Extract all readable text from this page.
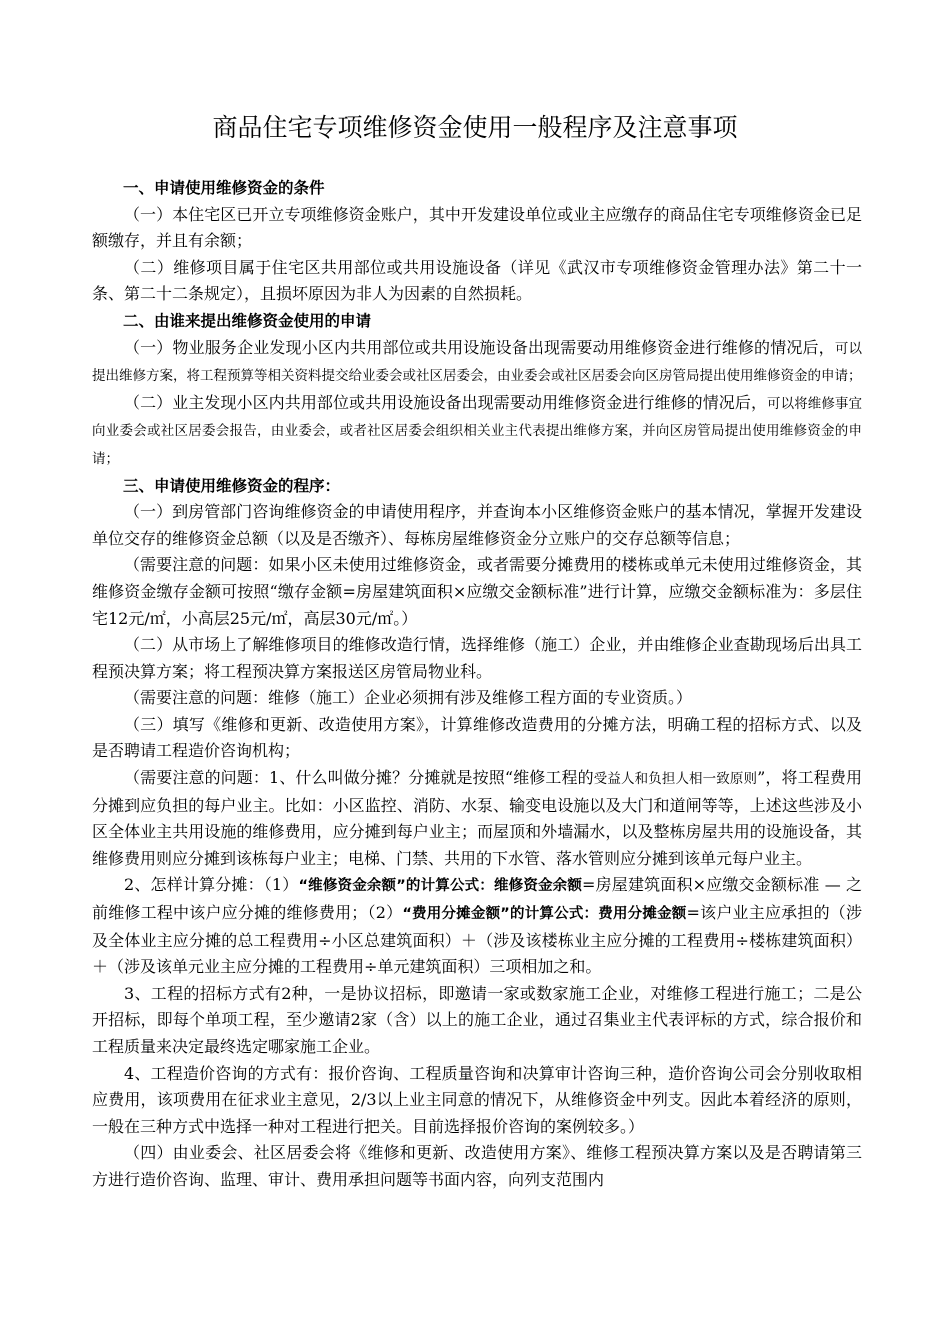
商品住宅专项维修资金使用一般程序及注意事项

一、申请使用维修资金的条件

（一）本住宅区已开立专项维修资金账户，其中开发建设单位或业主应缴存的商品住宅专项维修资金已足额缴存，并且有余额；

（二）维修项目属于住宅区共用部位或共用设施设备（详见《武汉市专项维修资金管理办法》第二十一条、第二十二条规定），且损坏原因为非人为因素的自然损耗。

二、由谁来提出维修资金使用的申请

（一）物业服务企业发现小区内共用部位或共用设施设备出现需要动用维修资金进行维修的情况后，可以提出维修方案，将工程预算等相关资料提交给业委会或社区居委会，由业委会或社区居委会向区房管局提出使用维修资金的申请；

（二）业主发现小区内共用部位或共用设施设备出现需要动用维修资金进行维修的情况后，可以将维修事宜向业委会或社区居委会报告，由业委会，或者社区居委会组织相关业主代表提出维修方案，并向区房管局提出使用维修资金的申请；

三、申请使用维修资金的程序：

（一）到房管部门咨询维修资金的申请使用程序，并查询本小区维修资金账户的基本情况，掌握开发建设单位交存的维修资金总额（以及是否缴齐）、每栋房屋维修资金分立账户的交存总额等信息；

（需要注意的问题：如果小区未使用过维修资金，或者需要分摊费用的楼栋或单元未使用过维修资金，其维修资金缴存金额可按照“缴存金额=房屋建筑面积×应缴交金额标准”进行计算，应缴交金额标准为：多层住宅12元/㎡，小高层25元/㎡，高层30元/㎡。）

（二）从市场上了解维修项目的维修改造行情，选择维修（施工）企业，并由维修企业查勘现场后出具工程预决算方案；将工程预决算方案报送区房管局物业科。

（需要注意的问题：维修（施工）企业必须拥有涉及维修工程方面的专业资质。）

（三）填写《维修和更新、改造使用方案》，计算维修改造费用的分摊方法，明确工程的招标方式、以及是否聘请工程造价咨询机构；

（需要注意的问题：1、什么叫做分摊？分摊就是按照“维修工程的受益人和负担人相一致原则”，将工程费用分摊到应负担的每户业主。比如：小区监控、消防、水泵、输变电设施以及大门和道闸等等，上述这些涉及小区全体业主共用设施的维修费用，应分摊到每户业主；而屋顶和外墙漏水，以及整栋房屋共用的设施设备，其维修费用则应分摊到该栋每户业主；电梯、门禁、共用的下水管、落水管则应分摊到该单元每户业主。

2、怎样计算分摊：（1）“维修资金余额”的计算公式：维修资金余额=房屋建筑面积×应缴交金额标准 — 之前维修工程中该户应分摊的维修费用；（2）“费用分摊金额”的计算公式：费用分摊金额=该户业主应承担的（涉及全体业主应分摊的总工程费用÷小区总建筑面积）＋（涉及该楼栋业主应分摊的工程费用÷楼栋建筑面积）＋（涉及该单元业主应分摊的工程费用÷单元建筑面积）三项相加之和。

3、工程的招标方式有2种，一是协议招标，即邀请一家或数家施工企业，对维修工程进行施工；二是公开招标，即每个单项工程，至少邀请2家（含）以上的施工企业，通过召集业主代表评标的方式，综合报价和工程质量来决定最终选定哪家施工企业。

4、工程造价咨询的方式有：报价咨询、工程质量咨询和决算审计咨询三种，造价咨询公司会分别收取相应费用，该项费用在征求业主意见，2/3以上业主同意的情况下，从维修资金中列支。因此本着经济的原则，一般在三种方式中选择一种对工程进行把关。目前选择报价咨询的案例较多。）

（四）由业委会、社区居委会将《维修和更新、改造使用方案》、维修工程预决算方案以及是否聘请第三方进行造价咨询、监理、审计、费用承担问题等书面内容，向列支范围内
